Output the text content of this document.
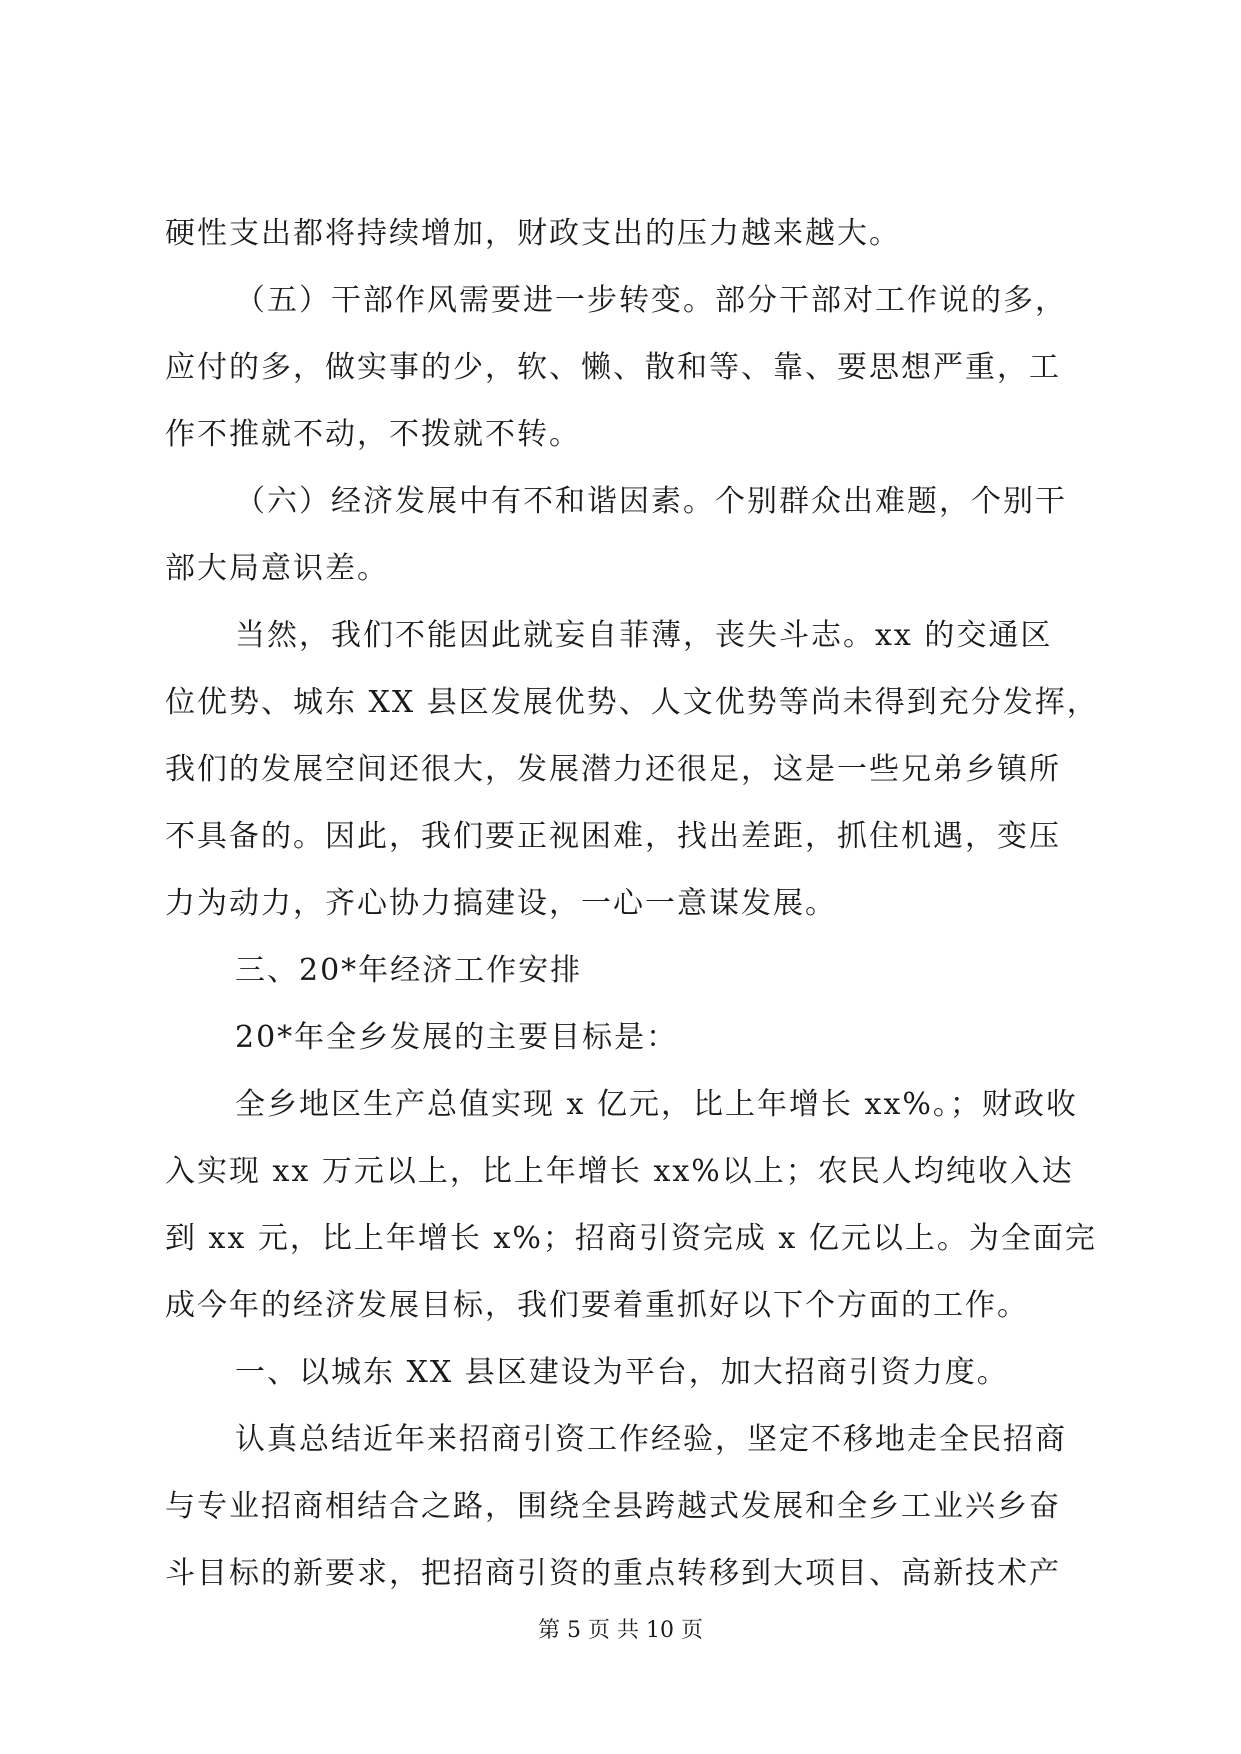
硬性支出都将持续增加，财政支出的压力越来越大。
（五）干部作风需要进一步转变。部分干部对工作说的多，
应付的多，做实事的少，软、懒、散和等、靠、要思想严重，工
作不推就不动，不拨就不转。
（六）经济发展中有不和谐因素。个别群众出难题，个别干
部大局意识差。
当然，我们不能因此就妄自菲薄，丧失斗志。xx 的交通区
位优势、城东 XX 县区发展优势、人文优势等尚未得到充分发挥，
我们的发展空间还很大，发展潜力还很足，这是一些兄弟乡镇所
不具备的。因此，我们要正视困难，找出差距，抓住机遇，变压
力为动力，齐心协力搞建设，一心一意谋发展。
三、20*年经济工作安排
20*年全乡发展的主要目标是：
全乡地区生产总值实现 x 亿元，比上年增长 xx%。；财政收
入实现 xx 万元以上，比上年增长 xx%以上；农民人均纯收入达
到 xx 元，比上年增长 x%；招商引资完成 x 亿元以上。为全面完
成今年的经济发展目标，我们要着重抓好以下个方面的工作。
一、以城东 XX 县区建设为平台，加大招商引资力度。
认真总结近年来招商引资工作经验，坚定不移地走全民招商
与专业招商相结合之路，围绕全县跨越式发展和全乡工业兴乡奋
斗目标的新要求，把招商引资的重点转移到大项目、高新技术产
第 5 页 共 10 页
